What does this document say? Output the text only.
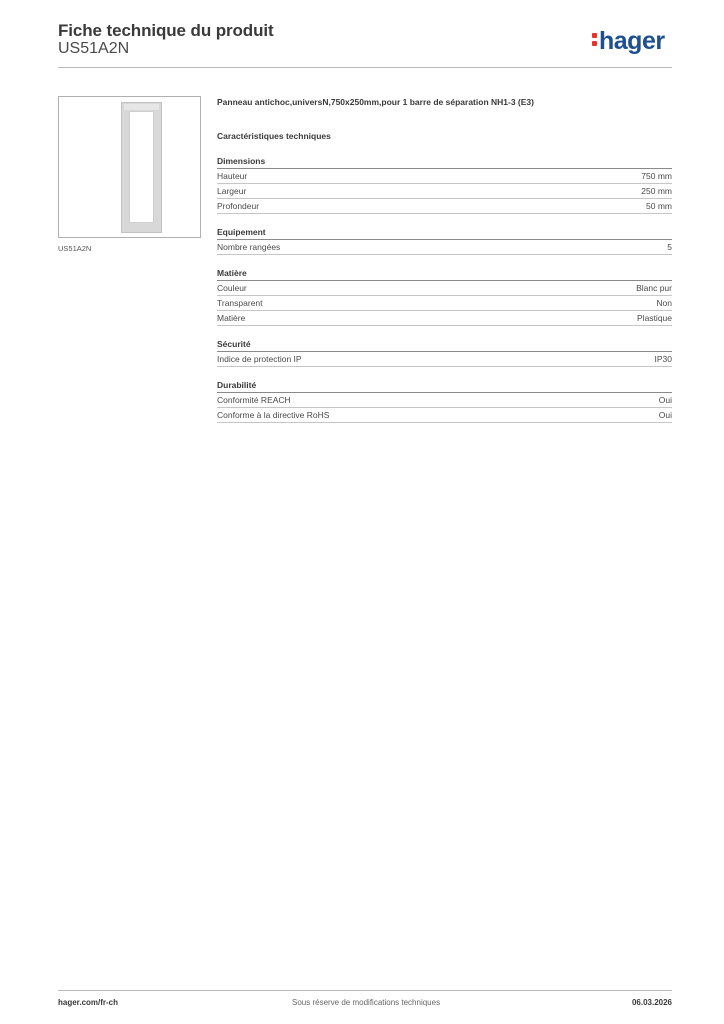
Fiche technique du produit
US51A2N	hager
US51A2N
Panneau antichoc,universN,750x250mm,pour 1 barre de séparation NH1-3 (E3)
Caractéristiques techniques
Dimensions
Hauteur	750 mm
Largeur	250 mm
Profondeur	50 mm
Equipement
Nombre rangées	5
Matière
Couleur	Blanc pur
Transparent	Non
Matière	Plastique
Sécurité
Indice de protection IP	IP30
Durabilité
Conformité REACH	Oui
Conforme à la directive RoHS	Oui
hager.com/fr-ch	Sous réserve de modifications techniques	06.03.2026
